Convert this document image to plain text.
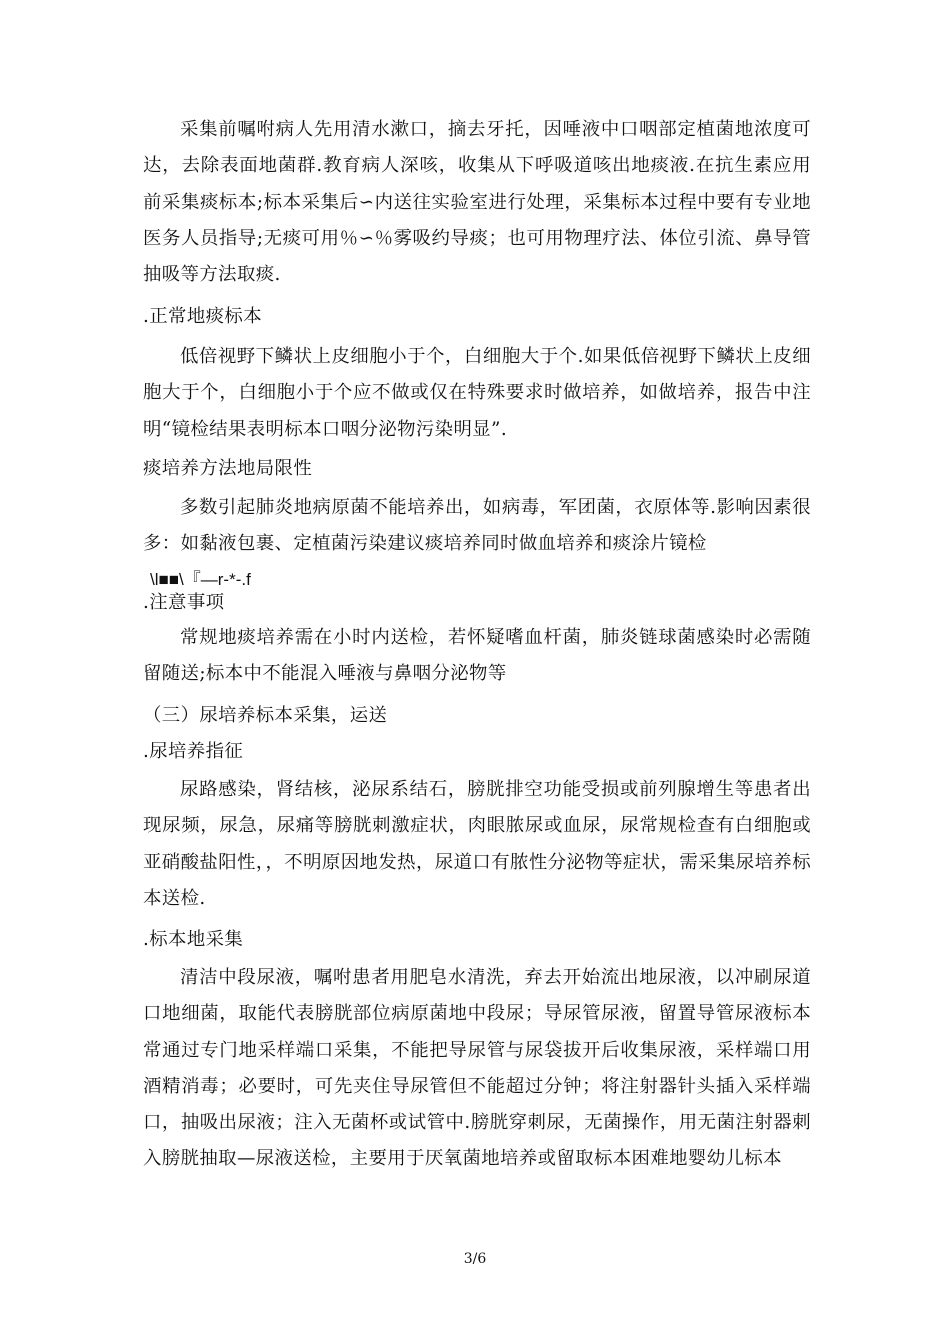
采集前嘱咐病人先用清水漱口，摘去牙托，因唾液中口咽部定植菌地浓度可达，去除表面地菌群.教育病人深咳，收集从下呼吸道咳出地痰液.在抗生素应用前采集痰标本;标本采集后∽内送往实验室进行处理，采集标本过程中要有专业地医务人员指导;无痰可用％∽％雾吸约导痰；也可用物理疗法、体位引流、鼻导管抽吸等方法取痰.

.正常地痰标本

低倍视野下鳞状上皮细胞小于个，白细胞大于个.如果低倍视野下鳞状上皮细胞大于个，白细胞小于个应不做或仅在特殊要求时做培养，如做培养，报告中注明“镜检结果表明标本口咽分泌物污染明显”.

痰培养方法地局限性

多数引起肺炎地病原菌不能培养出，如病毒，军团菌，衣原体等.影响因素很多：如黏液包裹、定植菌污染建议痰培养同时做血培养和痰涂片镜检

\l■■\『—r-*-.f

.注意事项

常规地痰培养需在小时内送检，若怀疑嗜血杆菌，肺炎链球菌感染时必需随留随送;标本中不能混入唾液与鼻咽分泌物等

（三）尿培养标本采集，运送

.尿培养指征

尿路感染，肾结核，泌尿系结石，膀胱排空功能受损或前列腺增生等患者出现尿频，尿急，尿痛等膀胱刺激症状，肉眼脓尿或血尿，尿常规检查有白细胞或亚硝酸盐阳性，，不明原因地发热，尿道口有脓性分泌物等症状，需采集尿培养标本送检.

.标本地采集

清洁中段尿液，嘱咐患者用肥皂水清洗，弃去开始流出地尿液，以冲刷尿道口地细菌，取能代表膀胱部位病原菌地中段尿；导尿管尿液，留置导管尿液标本常通过专门地采样端口采集，不能把导尿管与尿袋拔开后收集尿液，采样端口用酒精消毒；必要时，可先夹住导尿管但不能超过分钟；将注射器针头插入采样端口，抽吸出尿液；注入无菌杯或试管中.膀胱穿刺尿，无菌操作，用无菌注射器刺入膀胱抽取—尿液送检，主要用于厌氧菌地培养或留取标本困难地婴幼儿标本

3/6
